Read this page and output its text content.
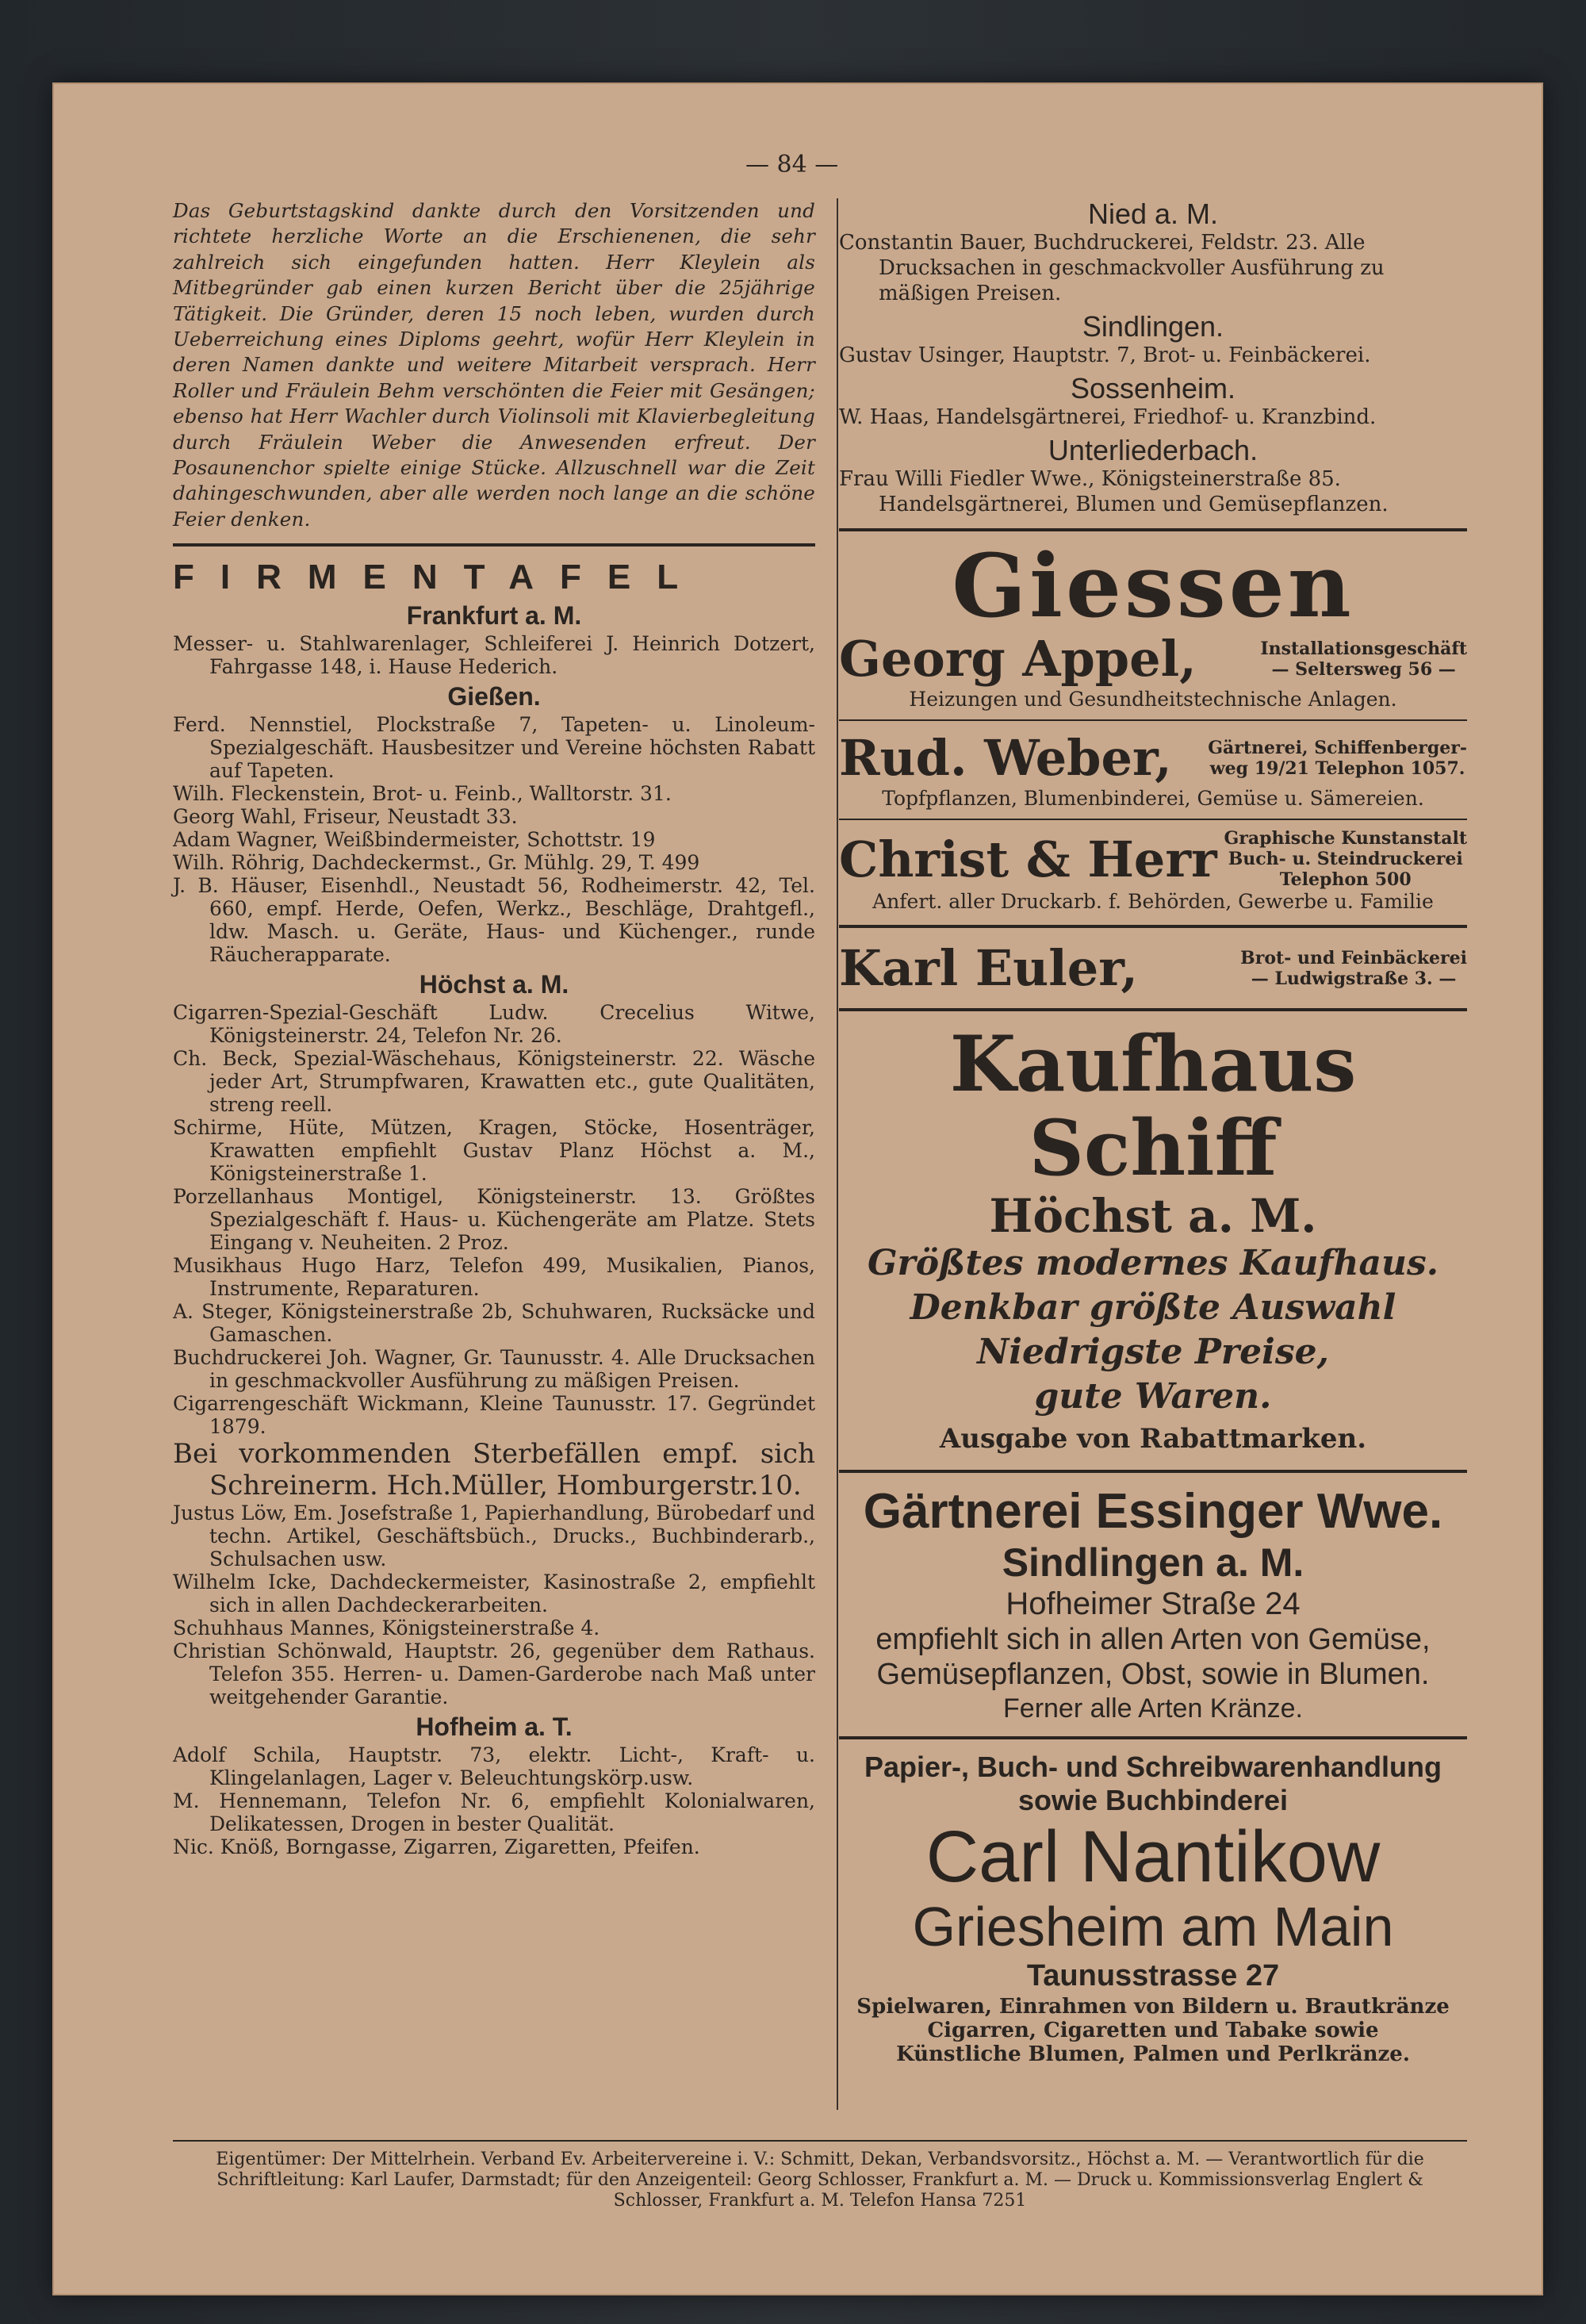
— 84 —

Das Geburtstagskind dankte durch den Vorsitzenden und richtete herzliche Worte an die Erschienenen, die sehr zahlreich sich eingefunden hatten. Herr Kleylein als Mitbegründer gab einen kurzen Bericht über die 25jährige Tätigkeit. Die Gründer, deren 15 noch leben, wurden durch Ueberreichung eines Diploms geehrt, wofür Herr Kleylein in deren Namen dankte und weitere Mitarbeit versprach. Herr Roller und Fräulein Behm verschönten die Feier mit Gesängen; ebenso hat Herr Wachler durch Violinsoli mit Klavierbegleitung durch Fräulein Weber die Anwesenden erfreut. Der Posaunenchor spielte einige Stücke. Allzuschnell war die Zeit dahingeschwunden, aber alle werden noch lange an die schöne Feier denken.

FIRMENTAFEL
Frankfurt a. M.

Messer- u. Stahlwarenlager, Schleiferei J. Heinrich Dotzert, Fahrgasse 148, i. Hause Hederich.

Gießen.

Ferd. Nennstiel, Plockstraße 7, Tapeten- u. Linoleum-Spezialgeschäft. Hausbesitzer und Vereine höchsten Rabatt auf Tapeten.

Wilh. Fleckenstein, Brot- u. Feinb., Walltorstr. 31.

Georg Wahl, Friseur, Neustadt 33.

Adam Wagner, Weißbindermeister, Schottstr. 19

Wilh. Röhrig, Dachdeckermst., Gr. Mühlg. 29, T. 499

J. B. Häuser, Eisenhdl., Neustadt 56, Rodheimerstr. 42, Tel. 660, empf. Herde, Oefen, Werkz., Beschläge, Drahtgefl., ldw. Masch. u. Geräte, Haus- und Küchenger., runde Räucherapparate.

Höchst a. M.

Cigarren-Spezial-Geschäft Ludw. Crecelius Witwe, Königsteinerstr. 24, Telefon Nr. 26.

Ch. Beck, Spezial-Wäschehaus, Königsteinerstr. 22. Wäsche jeder Art, Strumpfwaren, Krawatten etc., gute Qualitäten, streng reell.

Schirme, Hüte, Mützen, Kragen, Stöcke, Hosenträger, Krawatten empfiehlt Gustav Planz Höchst a. M., Königsteinerstraße 1.

Porzellanhaus Montigel, Königsteinerstr. 13. Größtes Spezialgeschäft f. Haus- u. Küchengeräte am Platze. Stets Eingang v. Neuheiten. 2 Proz.

Musikhaus Hugo Harz, Telefon 499, Musikalien, Pianos, Instrumente, Reparaturen.

A. Steger, Königsteinerstraße 2b, Schuhwaren, Rucksäcke und Gamaschen.

Buchdruckerei Joh. Wagner, Gr. Taunusstr. 4. Alle Drucksachen in geschmackvoller Ausführung zu mäßigen Preisen.

Cigarrengeschäft Wickmann, Kleine Taunusstr. 17. Gegründet 1879.

Bei vorkommenden Sterbefällen empf. sich Schreinerm. Hch.Müller, Homburgerstr.10.

Justus Löw, Em. Josefstraße 1, Papierhandlung, Bürobedarf und techn. Artikel, Geschäftsbüch., Drucks., Buchbinderarb., Schulsachen usw.

Wilhelm Icke, Dachdeckermeister, Kasinostraße 2, empfiehlt sich in allen Dachdeckerarbeiten.

Schuhhaus Mannes, Königsteinerstraße 4.

Christian Schönwald, Hauptstr. 26, gegenüber dem Rathaus. Telefon 355. Herren- u. Damen-Garderobe nach Maß unter weitgehender Garantie.

Hofheim a. T.

Adolf Schila, Hauptstr. 73, elektr. Licht-, Kraft- u. Klingelanlagen, Lager v. Beleuchtungskörp.usw.

M. Hennemann, Telefon Nr. 6, empfiehlt Kolonialwaren, Delikatessen, Drogen in bester Qualität.

Nic. Knöß, Borngasse, Zigarren, Zigaretten, Pfeifen.

Nied a. M.

Constantin Bauer, Buchdruckerei, Feldstr. 23. Alle Drucksachen in geschmackvoller Ausführung zu mäßigen Preisen.

Sindlingen.

Gustav Usinger, Hauptstr. 7, Brot- u. Feinbäckerei.

Sossenheim.

W. Haas, Handelsgärtnerei, Friedhof- u. Kranzbind.

Unterliederbach.

Frau Willi Fiedler Wwe., Königsteinerstraße 85. Handelsgärtnerei, Blumen und Gemüsepflanzen.

Giessen
Georg Appel,	Installationsgeschäft
— Seltersweg 56 —
Heizungen und Gesundheitstechnische Anlagen.
Rud. Weber, Gärtnerei, Schiffenberger-
weg 19/21 Telephon 1057.
Topfpflanzen, Blumenbinderei, Gemüse u. Sämereien.
Christ & Herr Graphische Kunstanstalt
Buch- u. Steindruckerei
Telephon 500
Anfert. aller Druckarb. f. Behörden, Gewerbe u. Familie
Karl Euler,	Brot- und Feinbäckerei
— Ludwigstraße 3. —
Kaufhaus Schiff
Höchst a. M.
Größtes modernes Kaufhaus.
Denkbar größte Auswahl
Niedrigste Preise,
gute Waren.
Ausgabe von Rabattmarken.
Gärtnerei Essinger Wwe.
Sindlingen a. M.
Hofheimer Straße 24
empfiehlt sich in allen Arten von Gemüse,
Gemüsepflanzen, Obst, sowie in Blumen.
Ferner alle Arten Kränze.
Papier-, Buch- und Schreibwarenhandlung
sowie Buchbinderei
Carl Nantikow
Griesheim am Main
Taunusstrasse 27
Spielwaren, Einrahmen von Bildern u. Brautkränze
Cigarren, Cigaretten und Tabake sowie
Künstliche Blumen, Palmen und Perlkränze.
Eigentümer: Der Mittelrhein. Verband Ev. Arbeitervereine i. V.: Schmitt, Dekan, Verbandsvorsitz., Höchst a. M. — Verantwortlich für die Schriftleitung: Karl Laufer, Darmstadt; für den Anzeigenteil: Georg Schlosser, Frankfurt a. M. — Druck u. Kommissionsverlag Englert & Schlosser, Frankfurt a. M. Telefon Hansa 7251
